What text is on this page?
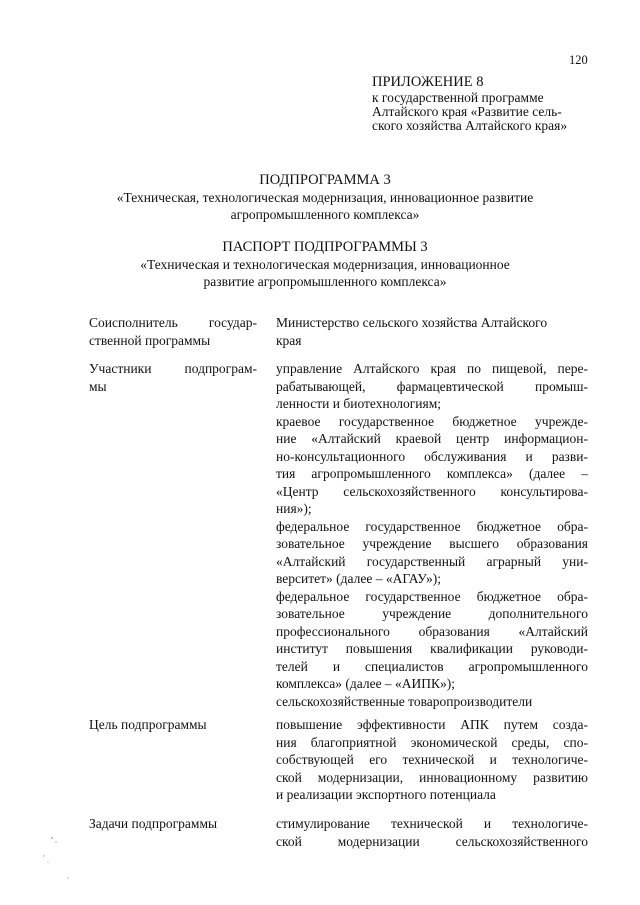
120

ПРИЛОЖЕНИЕ 8

к государственной программе

Алтайского края «Развитие сель-

ского хозяйства Алтайского края»

ПОДПРОГРАММА 3
«Техническая, технологическая модернизация, инновационное развитие
агропромышленного комплекса»
ПАСПОРТ ПОДПРОГРАММЫ 3
«Техническая и технологическая модернизация, инновационное
развитие агропромышленного комплекса»
Соисполнитель государ-
ственной программы
Министерство сельского хозяйства Алтайского
края
Участники подпрограм-
мы
управление Алтайского края по пищевой, пере-
рабатывающей, фармацевтической промыш-
ленности и биотехнологиям;
краевое государственное бюджетное учрежде-
ние «Алтайский краевой центр информацион-
но-консультационного обслуживания и разви-
тия агропромышленного комплекса» (далее –
«Центр сельскохозяйственного консультирова-
ния»);
федеральное государственное бюджетное обра-
зовательное учреждение высшего образования
«Алтайский государственный аграрный уни-
верситет» (далее – «АГАУ»);
федеральное государственное бюджетное обра-
зовательное учреждение дополнительного
профессионального образования «Алтайский
институт повышения квалификации руководи-
телей и специалистов агропромышленного
комплекса» (далее – «АИПК»);
сельскохозяйственные товаропроизводители
Цель подпрограммы	повышение эффективности АПК путем созда-
ния благоприятной экономической среды, спо-
собствующей его технической и технологиче-
ской модернизации, инновационному развитию
и реализации экспортного потенциала
Задачи подпрограммы	стимулирование технической и технологиче-
ской модернизации сельскохозяйственного
